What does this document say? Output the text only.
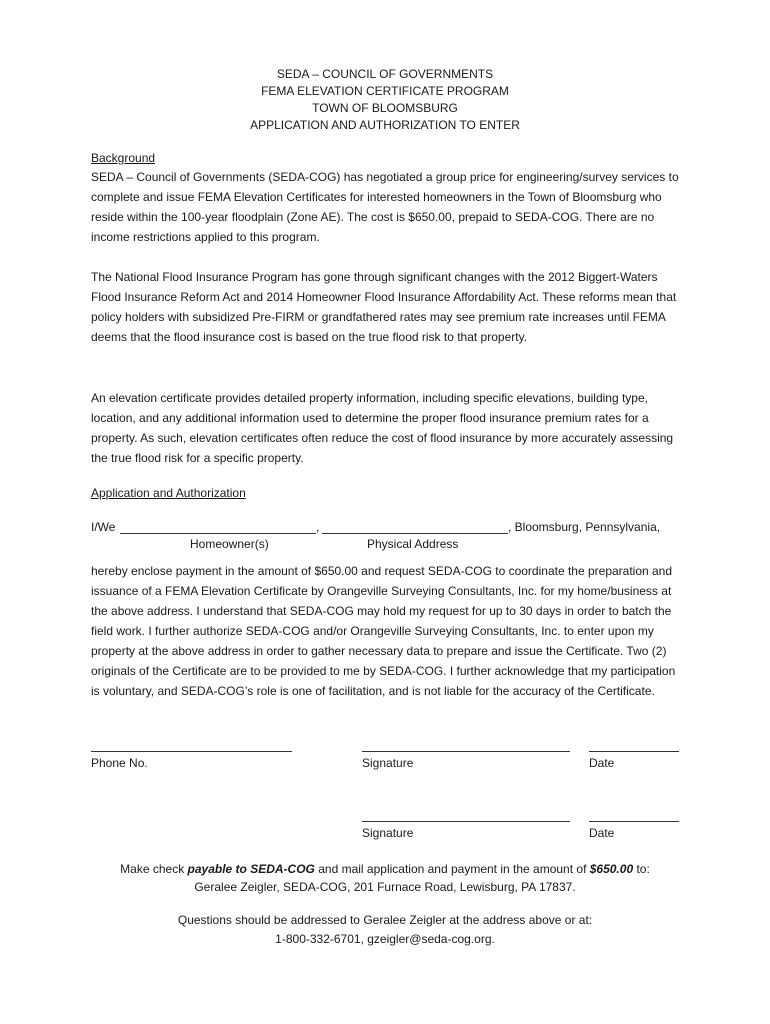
SEDA – COUNCIL OF GOVERNMENTS
FEMA ELEVATION CERTIFICATE PROGRAM
TOWN OF BLOOMSBURG
APPLICATION AND AUTHORIZATION TO ENTER
Background
SEDA – Council of Governments (SEDA-COG) has negotiated a group price for engineering/survey services to complete and issue FEMA Elevation Certificates for interested homeowners in the Town of Bloomsburg who reside within the 100-year floodplain (Zone AE). The cost is $650.00, prepaid to SEDA-COG. There are no income restrictions applied to this program.
The National Flood Insurance Program has gone through significant changes with the 2012 Biggert-Waters Flood Insurance Reform Act and 2014 Homeowner Flood Insurance Affordability Act. These reforms mean that policy holders with subsidized Pre-FIRM or grandfathered rates may see premium rate increases until FEMA deems that the flood insurance cost is based on the true flood risk to that property.
An elevation certificate provides detailed property information, including specific elevations, building type, location, and any additional information used to determine the proper flood insurance premium rates for a property. As such, elevation certificates often reduce the cost of flood insurance by more accurately assessing the true flood risk for a specific property.
Application and Authorization
I/We	,	, Bloomsburg, Pennsylvania,
Homeowner(s)	Physical Address
hereby enclose payment in the amount of $650.00 and request SEDA-COG to coordinate the preparation and issuance of a FEMA Elevation Certificate by Orangeville Surveying Consultants, Inc. for my home/business at the above address. I understand that SEDA-COG may hold my request for up to 30 days in order to batch the field work. I further authorize SEDA-COG and/or Orangeville Surveying Consultants, Inc. to enter upon my property at the above address in order to gather necessary data to prepare and issue the Certificate. Two (2) originals of the Certificate are to be provided to me by SEDA-COG. I further acknowledge that my participation is voluntary, and SEDA-COG’s role is one of facilitation, and is not liable for the accuracy of the Certificate.
Phone No.	Signature	Date
Signature	Date
Make check payable to SEDA-COG and mail application and payment in the amount of $650.00 to:
Geralee Zeigler, SEDA-COG, 201 Furnace Road, Lewisburg, PA 17837.
Questions should be addressed to Geralee Zeigler at the address above or at:
1-800-332-6701, gzeigler@seda-cog.org.
